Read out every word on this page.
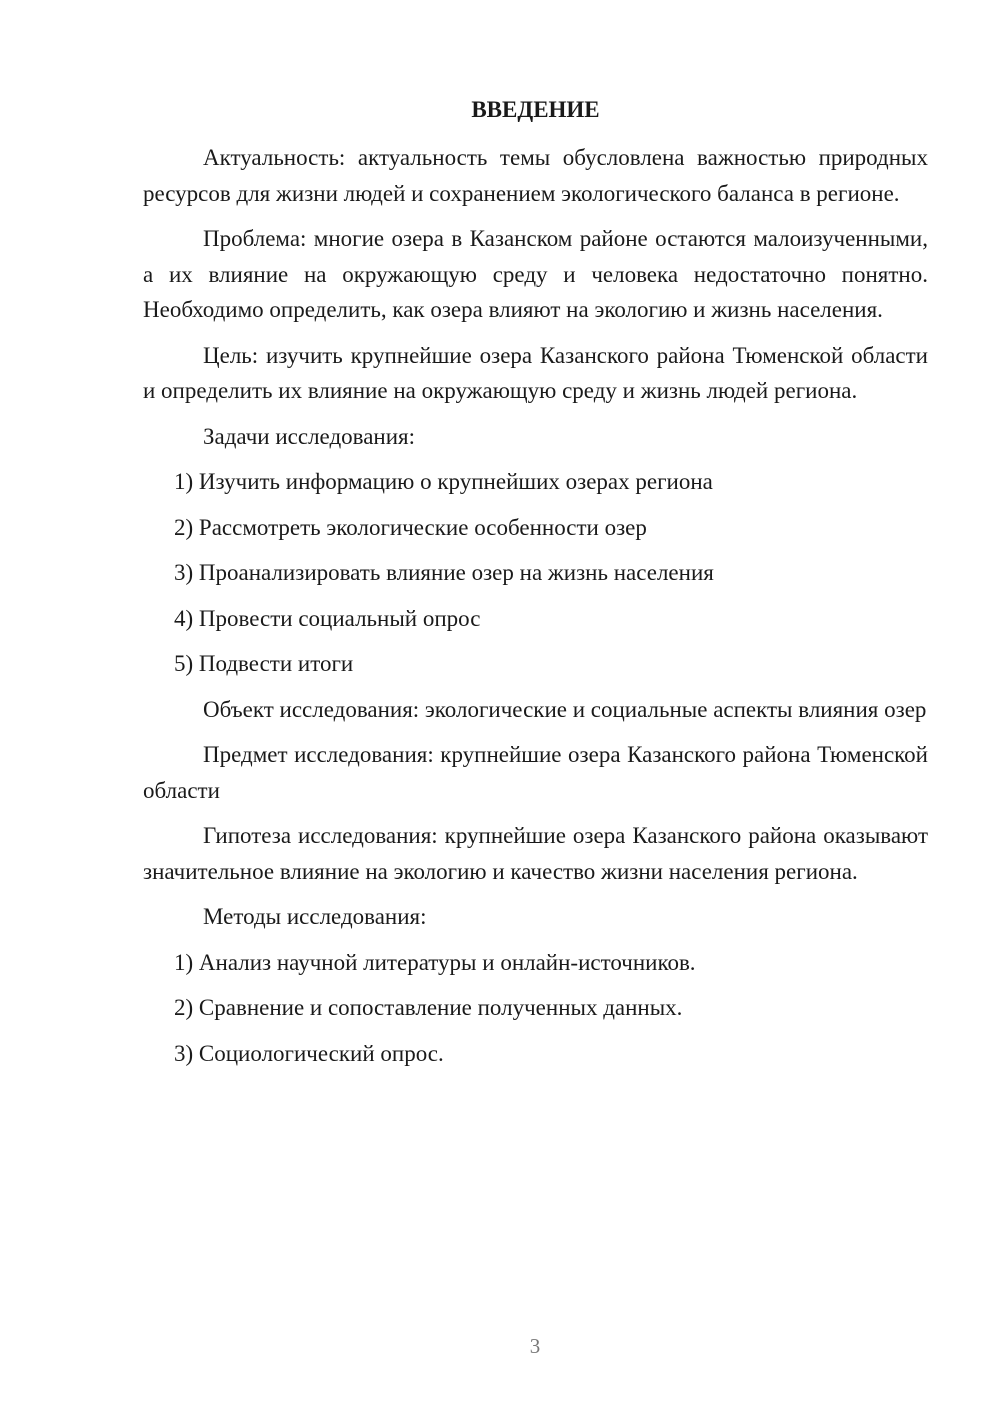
ВВЕДЕНИЕ

Актуальность: актуальность темы обусловлена важностью природных ресурсов для жизни людей и сохранением экологического баланса в регионе.

Проблема: многие озера в Казанском районе остаются малоизученными, а их влияние на окружающую среду и человека недостаточно понятно. Необходимо определить, как озера влияют на экологию и жизнь населения.

Цель: изучить крупнейшие озера Казанского района Тюменской области и определить их влияние на окружающую среду и жизнь людей региона.

Задачи исследования:

1) Изучить информацию о крупнейших озерах региона
2) Рассмотреть экологические особенности озер
3) Проанализировать влияние озер на жизнь населения
4) Провести социальный опрос
5) Подвести итоги

Объект исследования: экологические и социальные аспекты влияния озер

Предмет исследования: крупнейшие озера Казанского района Тюменской области

Гипотеза исследования: крупнейшие озера Казанского района оказывают значительное влияние на экологию и качество жизни населения региона.

Методы исследования:

1) Анализ научной литературы и онлайн-источников.
2) Сравнение и сопоставление полученных данных.
3) Социологический опрос.
3
